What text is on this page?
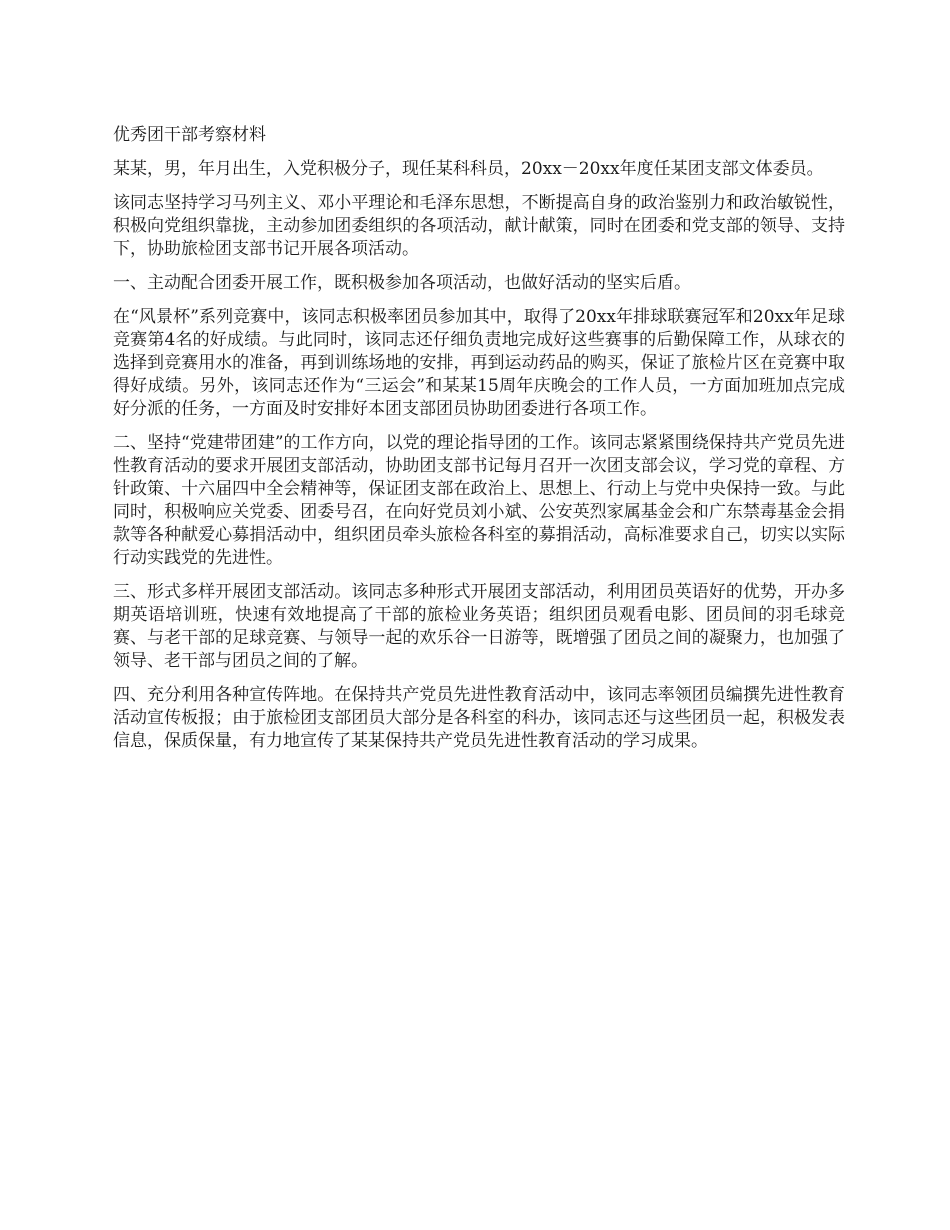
优秀团干部考察材料

某某，男，年月出生，入党积极分子，现任某科科员，20xx－20xx年度任某团支部文体委员。

该同志坚持学习马列主义、邓小平理论和毛泽东思想，不断提高自身的政治鉴别力和政治敏锐性，积极向党组织靠拢，主动参加团委组织的各项活动，献计献策，同时在团委和党支部的领导、支持下，协助旅检团支部书记开展各项活动。

一、主动配合团委开展工作，既积极参加各项活动，也做好活动的坚实后盾。

在“风景杯”系列竞赛中，该同志积极率团员参加其中，取得了20xx年排球联赛冠军和20xx年足球竞赛第4名的好成绩。与此同时，该同志还仔细负责地完成好这些赛事的后勤保障工作，从球衣的选择到竞赛用水的准备，再到训练场地的安排，再到运动药品的购买，保证了旅检片区在竞赛中取得好成绩。另外，该同志还作为“三运会”和某某15周年庆晚会的工作人员，一方面加班加点完成好分派的任务，一方面及时安排好本团支部团员协助团委进行各项工作。

二、坚持“党建带团建”的工作方向，以党的理论指导团的工作。该同志紧紧围绕保持共产党员先进性教育活动的要求开展团支部活动，协助团支部书记每月召开一次团支部会议，学习党的章程、方针政策、十六届四中全会精神等，保证团支部在政治上、思想上、行动上与党中央保持一致。与此同时，积极响应关党委、团委号召，在向好党员刘小斌、公安英烈家属基金会和广东禁毒基金会捐款等各种献爱心募捐活动中，组织团员牵头旅检各科室的募捐活动，高标准要求自己，切实以实际行动实践党的先进性。

三、形式多样开展团支部活动。该同志多种形式开展团支部活动，利用团员英语好的优势，开办多期英语培训班，快速有效地提高了干部的旅检业务英语；组织团员观看电影、团员间的羽毛球竞赛、与老干部的足球竞赛、与领导一起的欢乐谷一日游等，既增强了团员之间的凝聚力，也加强了领导、老干部与团员之间的了解。

四、充分利用各种宣传阵地。在保持共产党员先进性教育活动中，该同志率领团员编撰先进性教育活动宣传板报；由于旅检团支部团员大部分是各科室的科办，该同志还与这些团员一起，积极发表信息，保质保量，有力地宣传了某某保持共产党员先进性教育活动的学习成果。
